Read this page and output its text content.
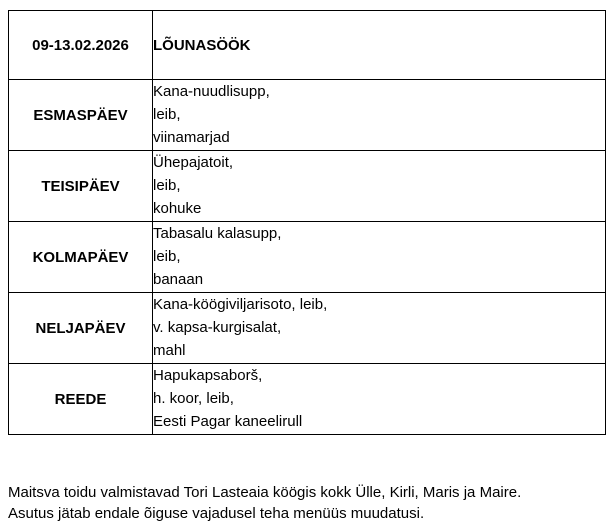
09-13.02.2026	LÕUNASÖÖK
ESMASPÄEV	Kana-nuudlisupp,
leib,
viinamarjad

TEISIPÄEV	Ühepajatoit,
leib,
kohuke

KOLMAPÄEV	Tabasalu kalasupp,
leib,
banaan

NELJAPÄEV	Kana-köögiviljarisoto, leib,
v. kapsa-kurgisalat,
mahl

REEDE	Hapukapsaborš,
h. koor, leib,
Eesti Pagar kaneelirull
Maitsva toidu valmistavad Tori Lasteaia köögis kokk Ülle, Kirli, Maris ja Maire.
Asutus jätab endale õiguse vajadusel teha menüüs muudatusi.
